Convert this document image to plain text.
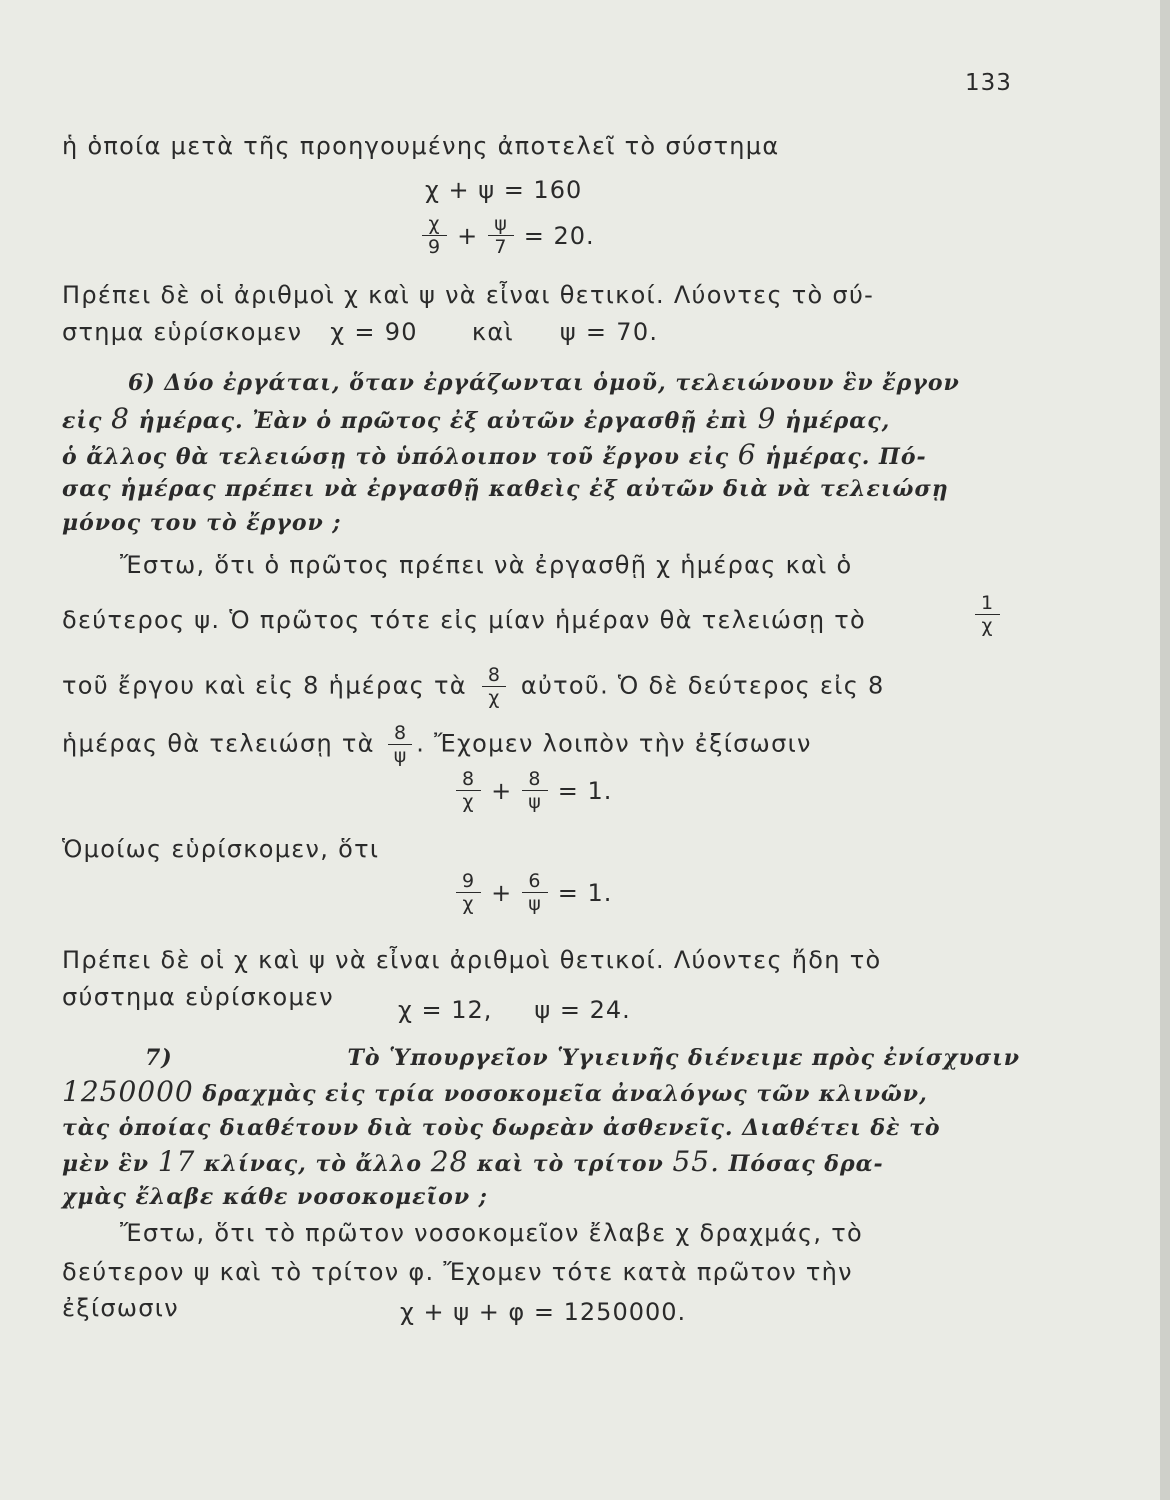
133
ἡ ὁποία μετὰ τῆς προηγουμένης ἀποτελεῖ τὸ σύστημα
χ + ψ = 160
$\frac{\chi}{9} + \frac{\psi}{7} = 20$.
Πρέπει δὲ οἱ ἀριθμοὶ χ καὶ ψ νὰ εἶναι θετικοί. Λύοντες τὸ σύ-
στημα εὑρίσκομεν χ = 90 καὶ ψ = 70.
6) Δύο ἐργάται, ὅταν ἐργάζωνται ὁμοῦ, τελειώνουν ἓν ἔργον
εἰς 8 ἡμέρας. Ἐὰν ὁ πρῶτος ἐξ αὐτῶν ἐργασθῇ ἐπὶ 9 ἡμέρας,
ὁ ἄλλος θὰ τελειώσῃ τὸ ὑπόλοιπον τοῦ ἔργου εἰς 6 ἡμέρας. Πό-
σας ἡμέρας πρέπει νὰ ἐργασθῇ καθεὶς ἐξ αὐτῶν διὰ νὰ τελειώσῃ
μόνος του τὸ ἔργον ;
Ἔστω, ὅτι ὁ πρῶτος πρέπει νὰ ἐργασθῇ χ ἡμέρας καὶ ὁ
δεύτερος ψ. Ὁ πρῶτος τότε εἰς μίαν ἡμέραν θὰ τελειώσῃ τὸ	$\frac{1}{\chi}$
τοῦ ἔργου καὶ εἰς 8 ἡμέρας τὰ $\frac{8}{\chi}$ αὐτοῦ. Ὁ δὲ δεύτερος εἰς 8
ἡμέρας θὰ τελειώσῃ τὰ $\frac{8}{\psi}$ . Ἔχομεν λοιπὸν τὴν ἐξίσωσιν
$\frac{8}{\chi} + \frac{8}{\psi} = 1$.
Ὁμοίως εὑρίσκομεν, ὅτι
$\frac{9}{\chi} + \frac{6}{\psi} = 1$.
Πρέπει δὲ οἱ χ καὶ ψ νὰ εἶναι ἀριθμοὶ θετικοί. Λύοντες ἤδη τὸ
σύστημα εὑρίσκομεν	χ = 12, ψ = 24.
7)	Τὸ Ὑπουργεῖον Ὑγιεινῆς διένειμε πρὸς ἐνίσχυσιν
1250000 δραχμὰς εἰς τρία νοσοκομεῖα ἀναλόγως τῶν κλινῶν,
τὰς ὁποίας διαθέτουν διὰ τοὺς δωρεὰν ἀσθενεῖς. Διαθέτει δὲ τὸ
μὲν ἓν 17 κλίνας, τὸ ἄλλο 28 καὶ τὸ τρίτον 55. Πόσας δρα-
χμὰς ἔλαβε κάθε νοσοκομεῖον ;
Ἔστω, ὅτι τὸ πρῶτον νοσοκομεῖον ἔλαβε χ δραχμάς, τὸ
δεύτερον ψ καὶ τὸ τρίτον φ. Ἔχομεν τότε κατὰ πρῶτον τὴν
ἐξίσωσιν	χ + ψ + φ = 1250000.
